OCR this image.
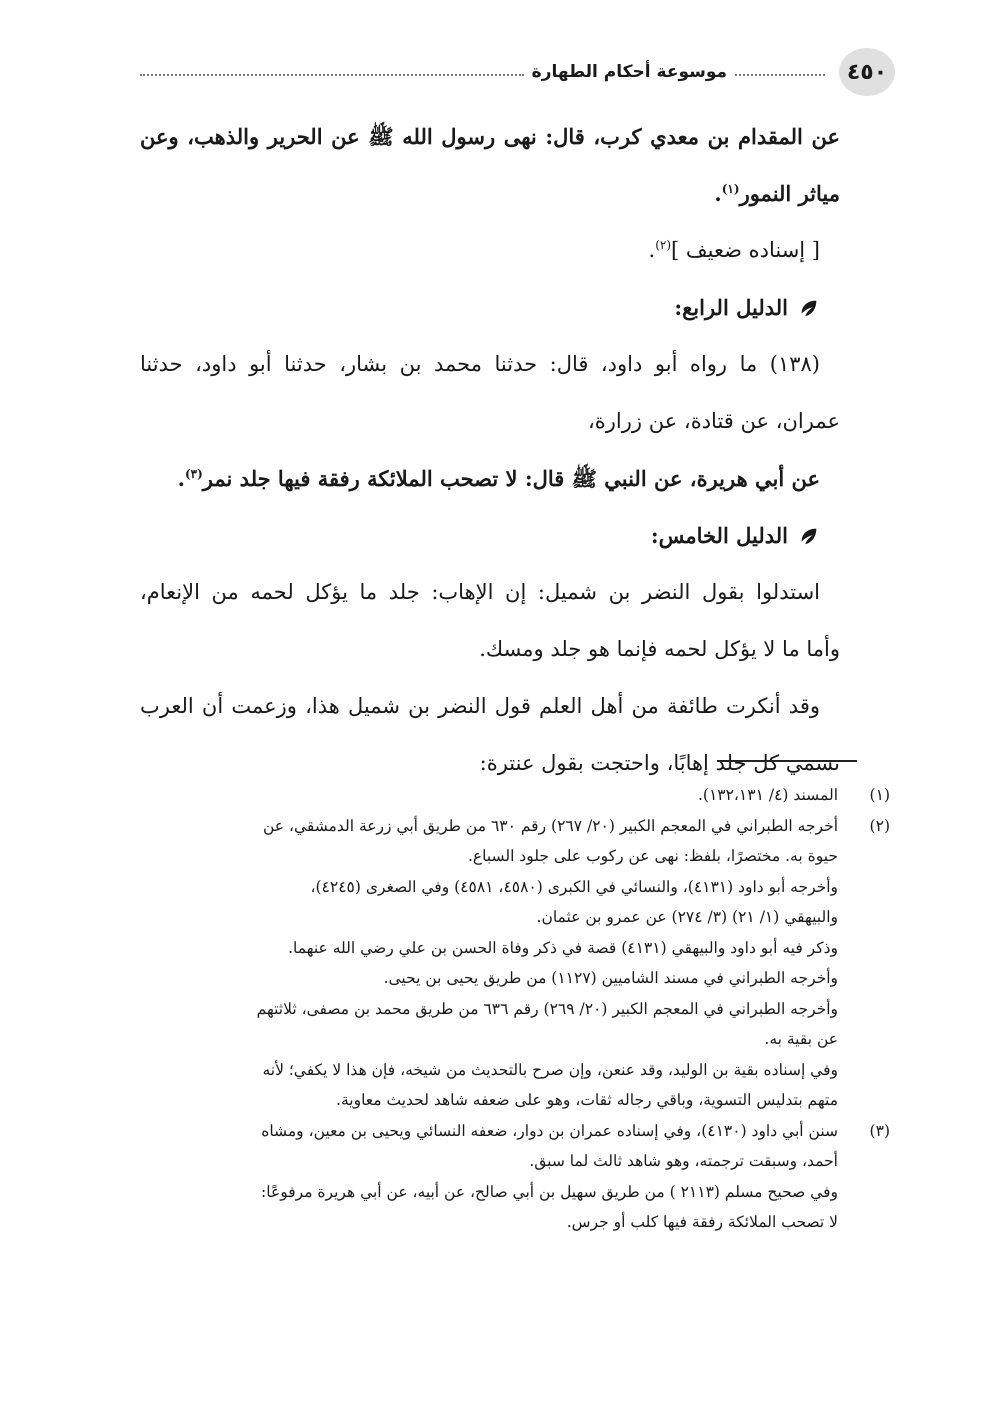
٤٥٠
موسوعة أحكام الطهارة

عن المقدام بن معدي كرب، قال: نهى رسول الله ﷺ عن الحرير والذهب، وعن

مياثر النمور$^{(١)}$.

[ إسناده ضعيف ]$^{(٢)}$.

الدليل الرابع:

(١٣٨) ما رواه أبو داود، قال: حدثنا محمد بن بشار، حدثنا أبو داود، حدثنا

عمران، عن قتادة، عن زرارة،

عن أبي هريرة، عن النبي ﷺ قال: لا تصحب الملائكة رفقة فيها جلد نمر$^{(٣)}$.

الدليل الخامس:

استدلوا بقول النضر بن شميل: إن الإهاب: جلد ما يؤكل لحمه من الإنعام،

وأما ما لا يؤكل لحمه فإنما هو جلد ومسك.

وقد أنكرت طائفة من أهل العلم قول النضر بن شميل هذا، وزعمت أن العرب

تسمي كل جلد إهابًا، واحتجت بقول عنترة:

(١)
المسند (٤/ ١٣٢،١٣١).
(٢)
أخرجه الطبراني في المعجم الكبير (٢٠/ ٢٦٧) رقم ٦٣٠ من طريق أبي زرعة الدمشقي، عن
حيوة به. مختصرًا، بلفظ: نهى عن ركوب على جلود السباع.
وأخرجه أبو داود (٤١٣١)، والنسائي في الكبرى (٤٥٨٠، ٤٥٨١) وفي الصغرى (٤٢٤٥)،
والبيهقي (١/ ٢١) (٣/ ٢٧٤) عن عمرو بن عثمان.
وذكر فيه أبو داود والبيهقي (٤١٣١) قصة في ذكر وفاة الحسن بن علي رضي الله عنهما.
وأخرجه الطبراني في مسند الشاميين (١١٢٧) من طريق يحيى بن يحيى.
وأخرجه الطبراني في المعجم الكبير (٢٠/ ٢٦٩) رقم ٦٣٦ من طريق محمد بن مصفى، ثلاثتهم
عن بقية به.
وفي إسناده بقية بن الوليد، وقد عنعن، وإن صرح بالتحديث من شيخه، فإن هذا لا يكفي؛ لأنه
متهم بتدليس التسوية، وباقي رجاله ثقات، وهو على ضعفه شاهد لحديث معاوية.
(٣)
سنن أبي داود (٤١٣٠)، وفي إسناده عمران بن دوار، ضعفه النسائي ويحيى بن معين، ومشاه
أحمد، وسبقت ترجمته، وهو شاهد ثالث لما سبق.
وفي صحيح مسلم (٢١١٣ ) من طريق سهيل بن أبي صالح، عن أبيه، عن أبي هريرة مرفوعًا:
لا تصحب الملائكة رفقة فيها كلب أو جرس.
